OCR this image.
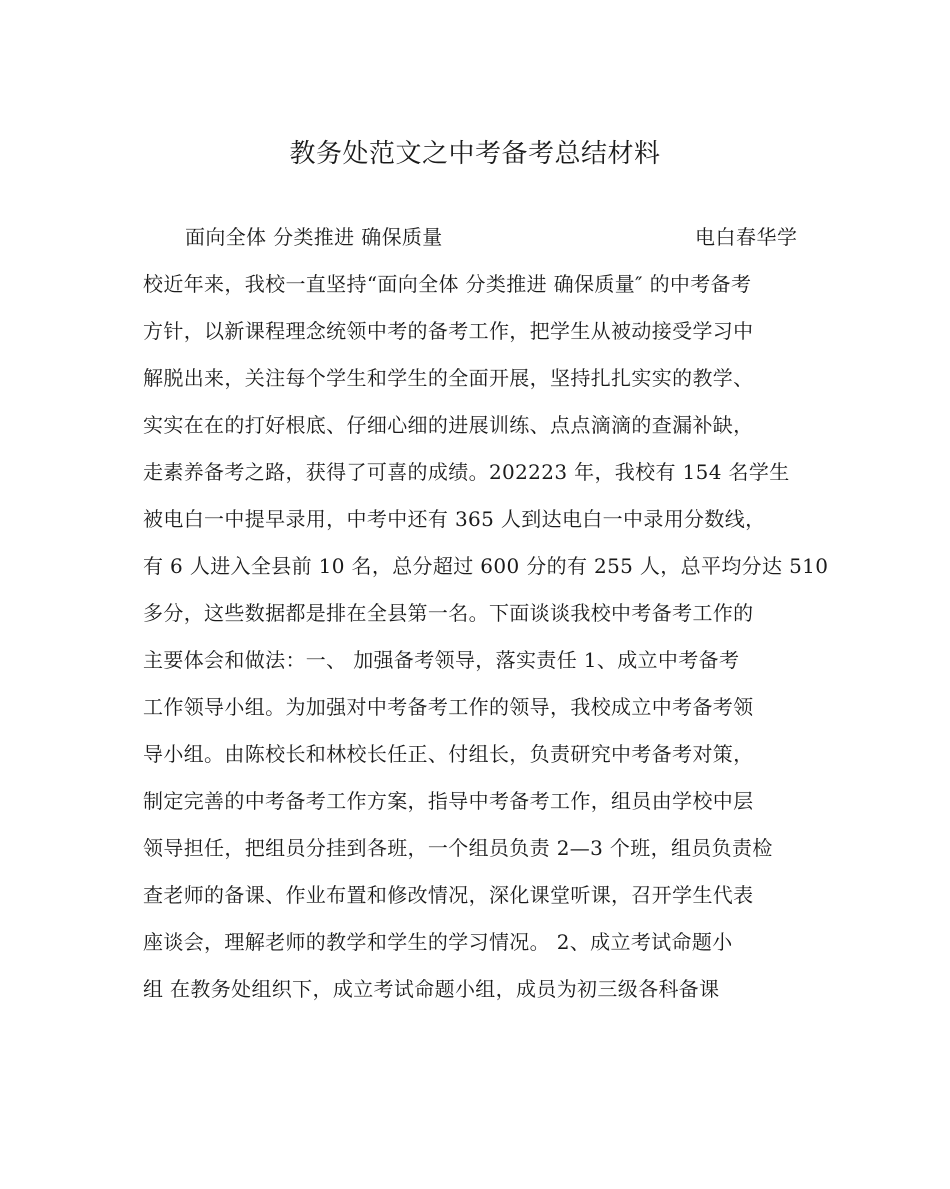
教务处范文之中考备考总结材料
面向全体 分类推进 确保质量	电白春华学
校近年来，我校一直坚持“面向全体 分类推进 确保质量″ 的中考备考
方针，以新课程理念统领中考的备考工作，把学生从被动接受学习中
解脱出来，关注每个学生和学生的全面开展，坚持扎扎实实的教学、
实实在在的打好根底、仔细心细的进展训练、点点滴滴的查漏补缺，
走素养备考之路，获得了可喜的成绩。202223 年，我校有 154 名学生
被电白一中提早录用，中考中还有 365 人到达电白一中录用分数线，
有 6 人进入全县前 10 名，总分超过 600 分的有 255 人，总平均分达 510
多分，这些数据都是排在全县第一名。下面谈谈我校中考备考工作的
主要体会和做法：一、 加强备考领导，落实责任 1、成立中考备考
工作领导小组。为加强对中考备考工作的领导，我校成立中考备考领
导小组。由陈校长和林校长任正、付组长，负责研究中考备考对策，
制定完善的中考备考工作方案，指导中考备考工作，组员由学校中层
领导担任，把组员分挂到各班，一个组员负责 2—3 个班，组员负责检
查老师的备课、作业布置和修改情况，深化课堂听课，召开学生代表
座谈会，理解老师的教学和学生的学习情况。 2、成立考试命题小
组 在教务处组织下，成立考试命题小组，成员为初三级各科备课
